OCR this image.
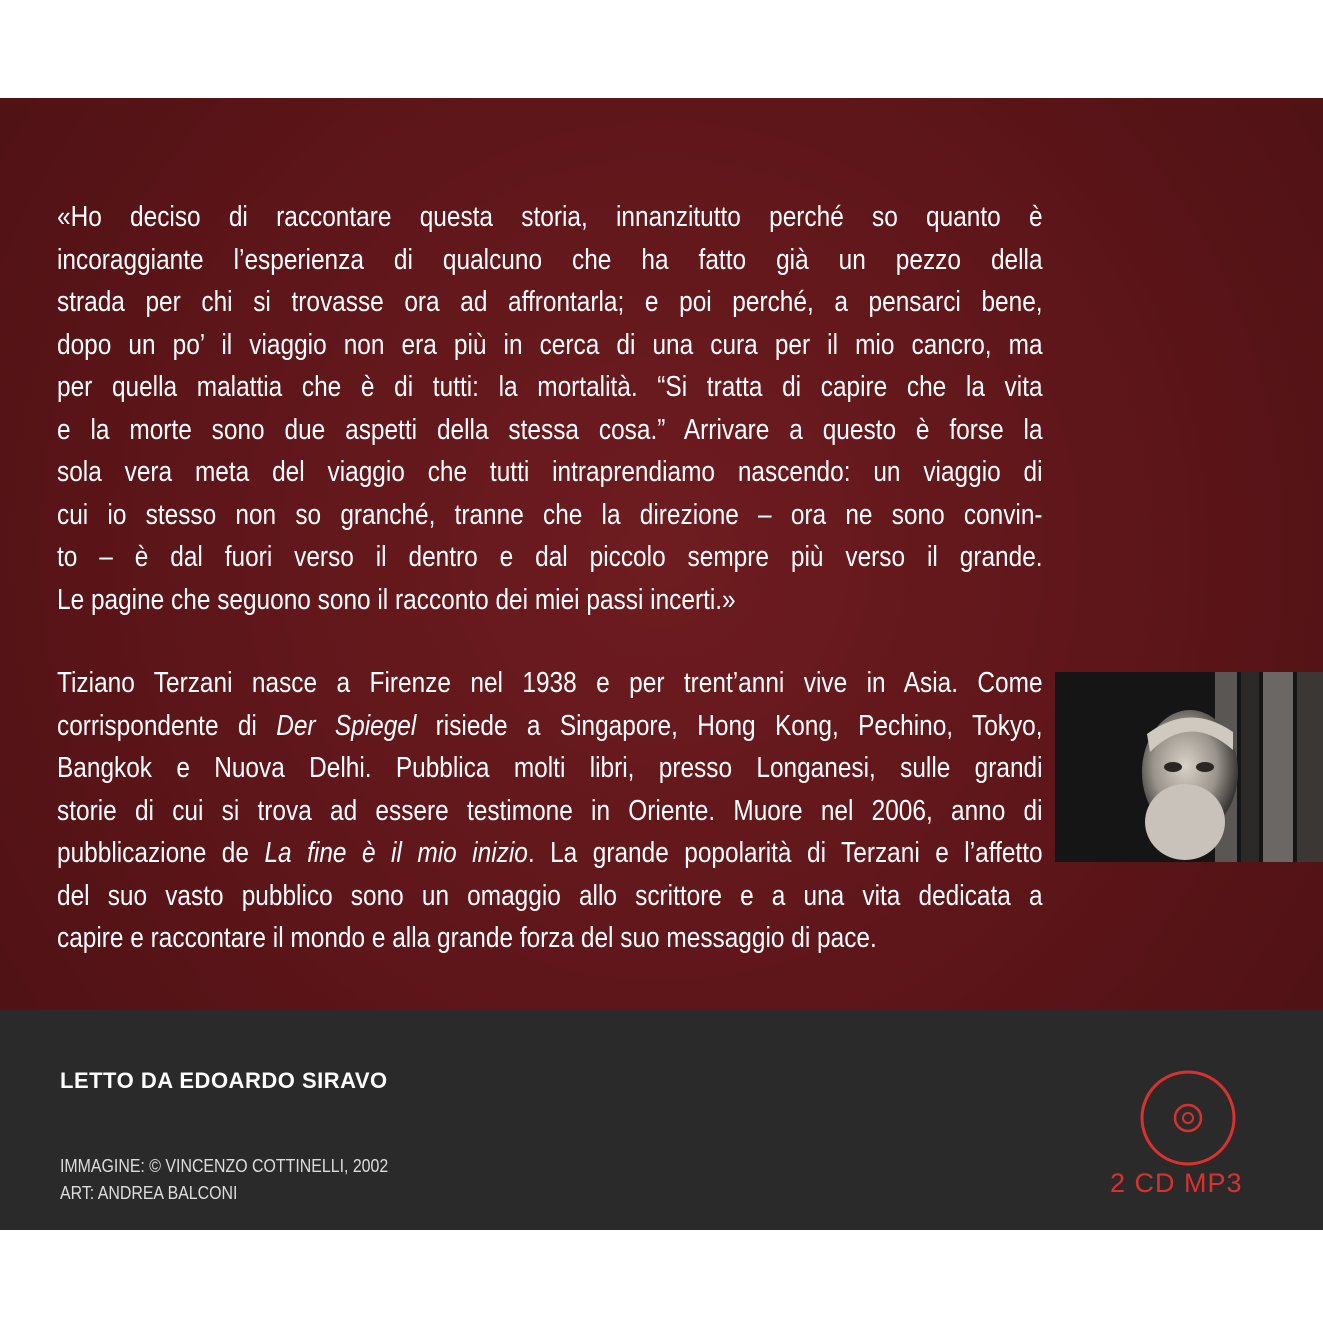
«Ho deciso di raccontare questa storia, innanzitutto perché so quanto è
incoraggiante l’esperienza di qualcuno che ha fatto già un pezzo della
strada per chi si trovasse ora ad affrontarla; e poi perché, a pensarci bene,
dopo un po’ il viaggio non era più in cerca di una cura per il mio cancro, ma
per quella malattia che è di tutti: la mortalità. “Si tratta di capire che la vita
e la morte sono due aspetti della stessa cosa.” Arrivare a questo è forse la
sola vera meta del viaggio che tutti intraprendiamo nascendo: un viaggio di
cui io stesso non so granché, tranne che la direzione – ora ne sono convin-
to – è dal fuori verso il dentro e dal piccolo sempre più verso il grande.
Le pagine che seguono sono il racconto dei miei passi incerti.»
Tiziano Terzani nasce a Firenze nel 1938 e per trent’anni vive in Asia. Come
corrispondente di Der Spiegel risiede a Singapore, Hong Kong, Pechino, Tokyo,
Bangkok e Nuova Delhi. Pubblica molti libri, presso Longanesi, sulle grandi
storie di cui si trova ad essere testimone in Oriente. Muore nel 2006, anno di
pubblicazione de La fine è il mio inizio. La grande popolarità di Terzani e l’affetto
del suo vasto pubblico sono un omaggio allo scrittore e a una vita dedicata a
capire e raccontare il mondo e alla grande forza del suo messaggio di pace.
LETTO DA EDOARDO SIRAVO
IMMAGINE: © VINCENZO COTTINELLI, 2002
ART: ANDREA BALCONI	2 CD MP3
